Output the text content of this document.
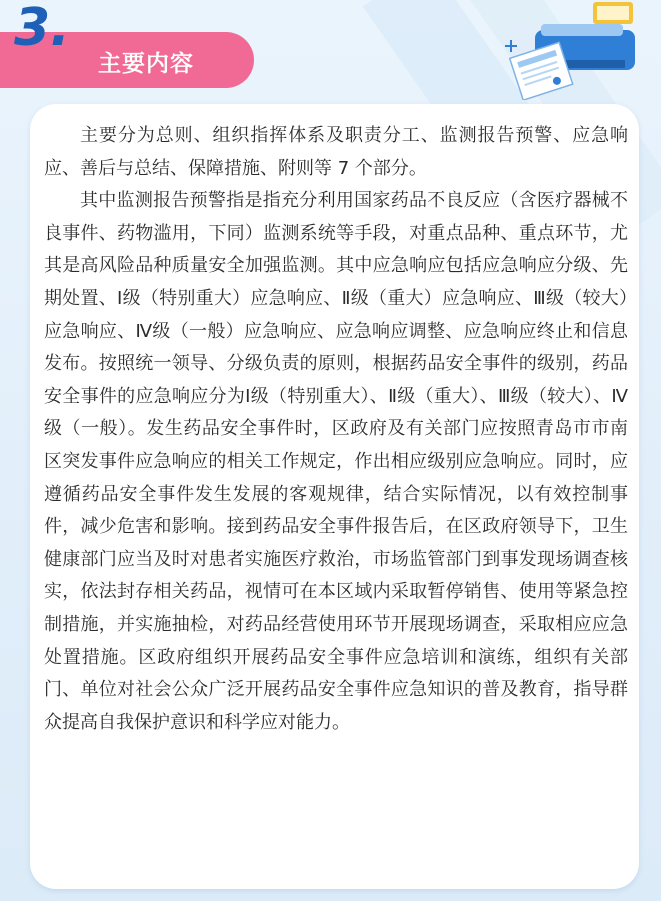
3.
主要内容

主要分为总则、组织指挥体系及职责分工、监测报告预警、应急响应、善后与总结、保障措施、附则等 7 个部分。

其中监测报告预警指是指充分利用国家药品不良反应（含医疗器械不良事件、药物滥用，下同）监测系统等手段，对重点品种、重点环节，尤其是高风险品种质量安全加强监测。其中应急响应包括应急响应分级、先期处置、Ⅰ级（特别重大）应急响应、Ⅱ级（重大）应急响应、Ⅲ级（较大）应急响应、Ⅳ级（一般）应急响应、应急响应调整、应急响应终止和信息发布。按照统一领导、分级负责的原则，根据药品安全事件的级别，药品安全事件的应急响应分为Ⅰ级（特别重大）、Ⅱ级（重大）、Ⅲ级（较大）、Ⅳ级（一般）。发生药品安全事件时，区政府及有关部门应按照青岛市市南区突发事件应急响应的相关工作规定，作出相应级别应急响应。同时，应遵循药品安全事件发生发展的客观规律，结合实际情况，以有效控制事件，减少危害和影响。接到药品安全事件报告后，在区政府领导下，卫生健康部门应当及时对患者实施医疗救治，市场监管部门到事发现场调查核实，依法封存相关药品，视情可在本区域内采取暂停销售、使用等紧急控制措施，并实施抽检，对药品经营使用环节开展现场调查，采取相应应急处置措施。区政府组织开展药品安全事件应急培训和演练，组织有关部门、单位对社会公众广泛开展药品安全事件应急知识的普及教育，指导群众提高自我保护意识和科学应对能力。
